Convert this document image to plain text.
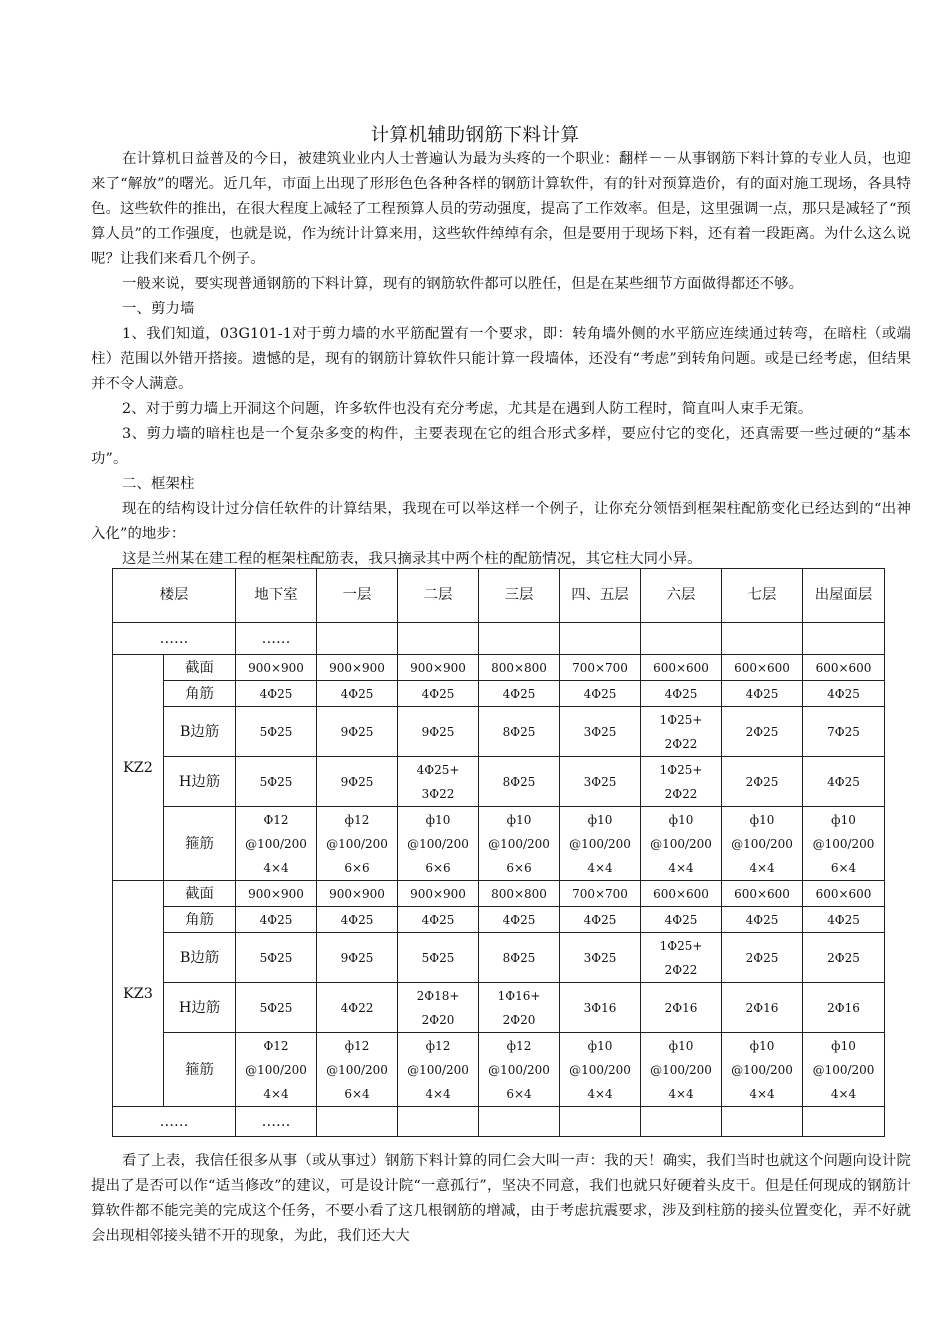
计算机辅助钢筋下料计算

在计算机日益普及的今日，被建筑业业内人士普遍认为最为头疼的一个职业：翻样－－从事钢筋下料计算的专业人员，也迎来了“解放”的曙光。近几年，市面上出现了形形色色各种各样的钢筋计算软件，有的针对预算造价，有的面对施工现场，各具特色。这些软件的推出，在很大程度上减轻了工程预算人员的劳动强度，提高了工作效率。但是，这里强调一点，那只是减轻了“预算人员”的工作强度，也就是说，作为统计计算来用，这些软件绰绰有余，但是要用于现场下料，还有着一段距离。为什么这么说呢？让我们来看几个例子。

一般来说，要实现普通钢筋的下料计算，现有的钢筋软件都可以胜任，但是在某些细节方面做得都还不够。

一、剪力墙

1、我们知道，03G101-1对于剪力墙的水平筋配置有一个要求，即：转角墙外侧的水平筋应连续通过转弯，在暗柱（或端柱）范围以外错开搭接。遗憾的是，现有的钢筋计算软件只能计算一段墙体，还没有“考虑”到转角问题。或是已经考虑，但结果并不令人满意。

2、对于剪力墙上开洞这个问题，许多软件也没有充分考虑，尤其是在遇到人防工程时，简直叫人束手无策。

3、剪力墙的暗柱也是一个复杂多变的构件，主要表现在它的组合形式多样，要应付它的变化，还真需要一些过硬的“基本功”。

二、框架柱

现在的结构设计过分信任软件的计算结果，我现在可以举这样一个例子，让你充分领悟到框架柱配筋变化已经达到的“出神入化”的地步：

这是兰州某在建工程的框架柱配筋表，我只摘录其中两个柱的配筋情况，其它柱大同小异。

楼层		地下室	一层	二层	三层	四、五层	六层	七层	出屋面层
……		……							
KZ2	截面	900×900	900×900	900×900	800×800	700×700	600×600	600×600	600×600
	角筋	4Φ25	4Φ25	4Φ25	4Φ25	4Φ25	4Φ25	4Φ25	4Φ25
	B边筋	5Φ25	9Φ25	9Φ25	8Φ25	3Φ25	1Φ25+
2Φ22	2Φ25	7Φ25
	H边筋	5Φ25	9Φ25	4Φ25+
3Φ22	8Φ25	3Φ25	1Φ25+
2Φ22	2Φ25	4Φ25
	箍筋	Φ12
@100/200
4×4	ф12
@100/200
6×6	ф10
@100/200
6×6	ф10
@100/200
6×6	ф10
@100/200
4×4	ф10
@100/200
4×4	ф10
@100/200
4×4	ф10
@100/200
6×4
KZ3	截面	900×900	900×900	900×900	800×800	700×700	600×600	600×600	600×600
	角筋	4Φ25	4Φ25	4Φ25	4Φ25	4Φ25	4Φ25	4Φ25	4Φ25
	B边筋	5Φ25	9Φ25	5Φ25	8Φ25	3Φ25	1Φ25+
2Φ22	2Φ25	2Φ25
	H边筋	5Φ25	4Φ22	2Φ18+
2Φ20	1Φ16+
2Φ20	3Φ16	2Φ16	2Φ16	2Φ16
	箍筋	Φ12
@100/200
4×4	ф12
@100/200
6×4	ф12
@100/200
4×4	ф12
@100/200
6×4	ф10
@100/200
4×4	ф10
@100/200
4×4	ф10
@100/200
4×4	ф10
@100/200
4×4
……		……							

看了上表，我信任很多从事（或从事过）钢筋下料计算的同仁会大叫一声：我的天！确实，我们当时也就这个问题向设计院提出了是否可以作“适当修改”的建议，可是设计院“一意孤行”，坚决不同意，我们也就只好硬着头皮干。但是任何现成的钢筋计算软件都不能完美的完成这个任务，不要小看了这几根钢筋的增减，由于考虑抗震要求，涉及到柱筋的接头位置变化，弄不好就会出现相邻接头错不开的现象，为此，我们还大大
